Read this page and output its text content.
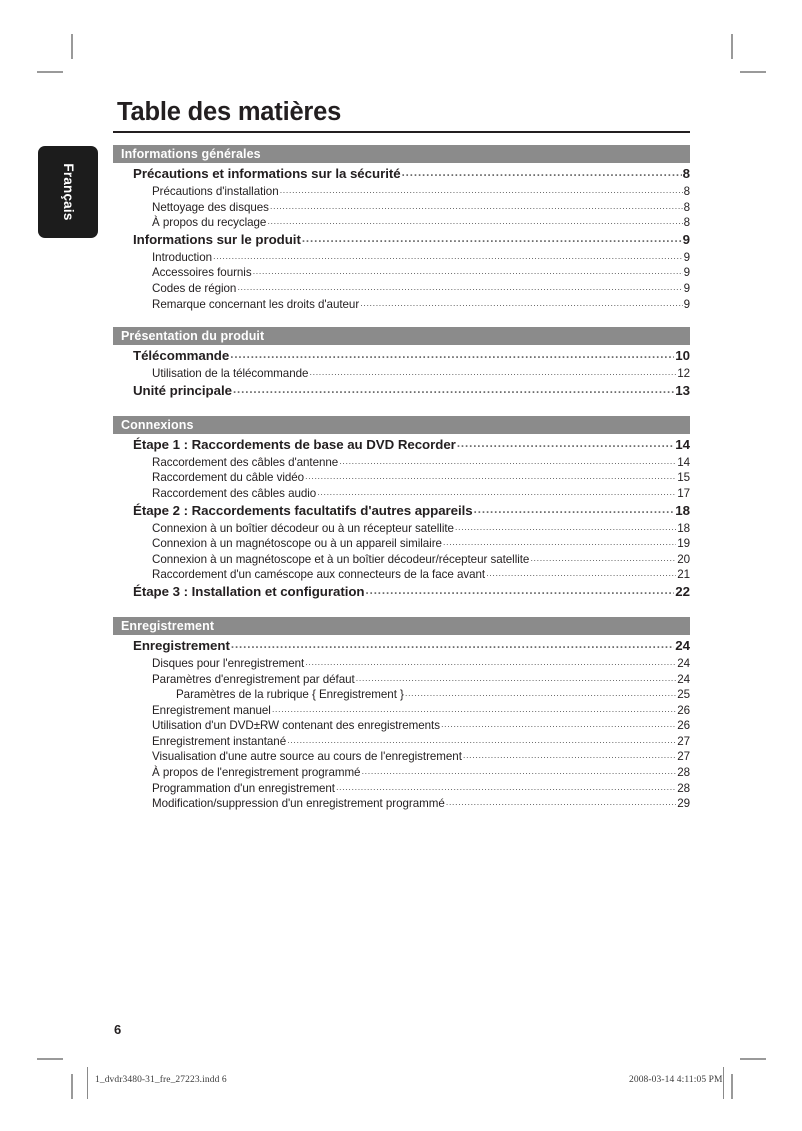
Français
Table des matières
Informations générales
Précautions et informations sur la sécurité .....	8
Précautions d'installation .....	8
Nettoyage des disques .....	8
À propos du recyclage .....	8
Informations sur le produit .....	9
Introduction .....	9
Accessoires fournis .....	9
Codes de région .....	9
Remarque concernant les droits d'auteur .....	9
Présentation du produit
Télécommande .....	10
Utilisation de la télécommande .....	12
Unité principale .....	13
Connexions
Étape 1 : Raccordements de base au DVD Recorder .....	14
Raccordement des câbles d'antenne .....	14
Raccordement du câble vidéo .....	15
Raccordement des câbles audio .....	17
Étape 2 : Raccordements facultatifs d'autres appareils .....	18
Connexion à un boîtier décodeur ou à un récepteur satellite .....	18
Connexion à un magnétoscope ou à un appareil similaire .....	19
Connexion à un magnétoscope et à un boîtier décodeur/récepteur satellite .....	20
Raccordement d'un caméscope aux connecteurs de la face avant .....	21
Étape 3 : Installation et configuration .....	22
Enregistrement
Enregistrement .....	24
Disques pour l'enregistrement .....	24
Paramètres d'enregistrement par défaut .....	24
Paramètres de la rubrique { Enregistrement } .....	25
Enregistrement manuel .....	26
Utilisation d'un DVD±RW contenant des enregistrements .....	26
Enregistrement instantané .....	27
Visualisation d'une autre source au cours de l'enregistrement .....	27
À propos de l'enregistrement programmé .....	28
Programmation d'un enregistrement .....	28
Modification/suppression d'un enregistrement programmé .....	29
6
1_dvdr3480-31_fre_27223.indd 6	2008-03-14 4:11:05 PM
